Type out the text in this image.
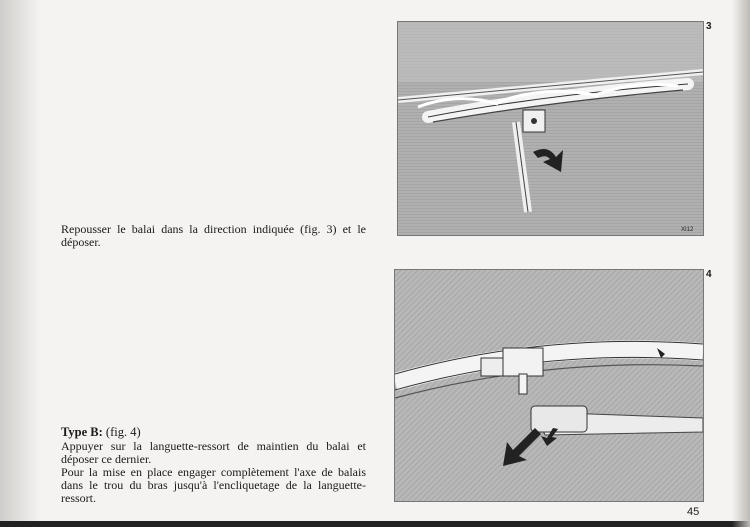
Repousser le balai dans la direction indiquée (fig. 3) et le déposer.
Type B: (fig. 4)

Appuyer sur la languette-ressort de maintien du balai et déposer ce dernier.

Pour la mise en place engager complètement l'axe de balais dans le trou du bras jusqu'à l'encliquetage de la languette-ressort.

XI12
3
4
45
